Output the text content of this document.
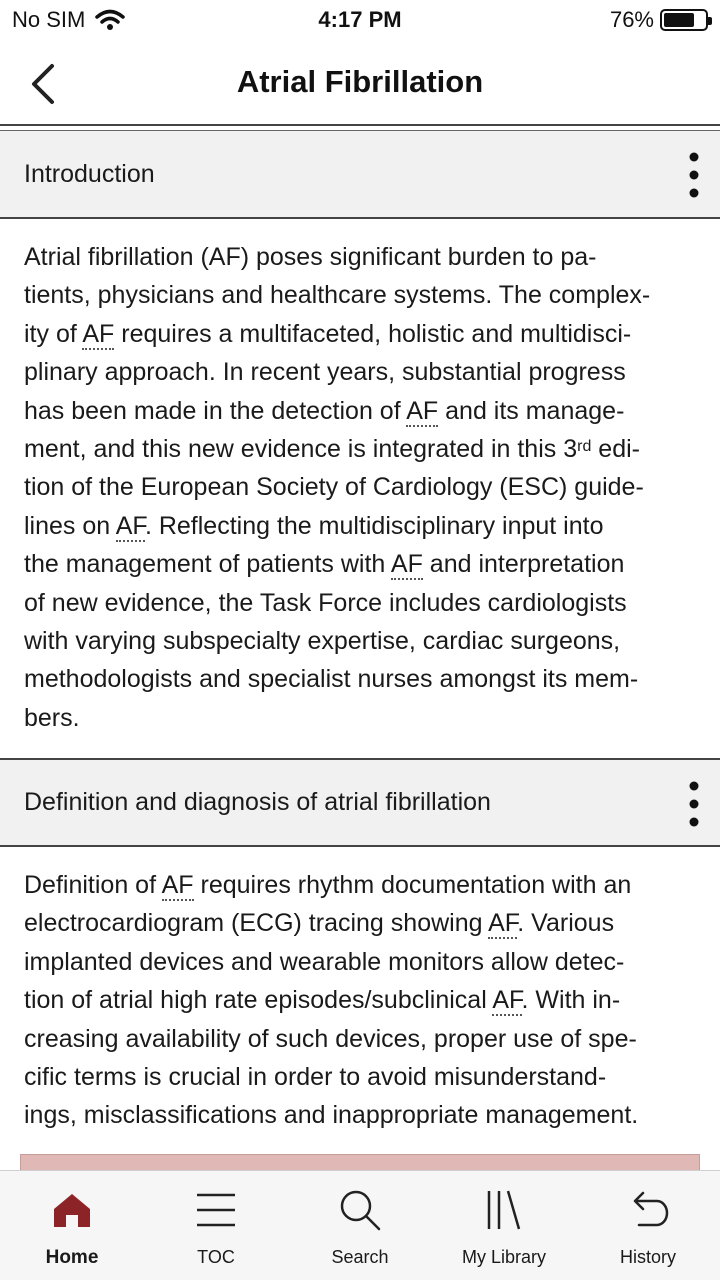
No SIM	4:17 PM	76%
Atrial Fibrillation
Introduction
Atrial fibrillation (AF) poses significant burden to pa-
tients, physicians and healthcare systems. The complex-
ity of AF requires a multifaceted, holistic and multidisci-
plinary approach. In recent years, substantial progress
has been made in the detection of AF and its manage-
ment, and this new evidence is integrated in this 3rd edi-
tion of the European Society of Cardiology (ESC) guide-
lines on AF. Reflecting the multidisciplinary input into
the management of patients with AF and interpretation
of new evidence, the Task Force includes cardiologists
with varying subspecialty expertise, cardiac surgeons,
methodologists and specialist nurses amongst its mem-
bers.
Definition and diagnosis of atrial fibrillation
Definition of AF requires rhythm documentation with an
electrocardiogram (ECG) tracing showing AF. Various
implanted devices and wearable monitors allow detec-
tion of atrial high rate episodes/subclinical AF. With in-
creasing availability of such devices, proper use of spe-
cific terms is crucial in order to avoid misunderstand-
ings, misclassifications and inappropriate management.
Home	TOC	Search	My Library	History
